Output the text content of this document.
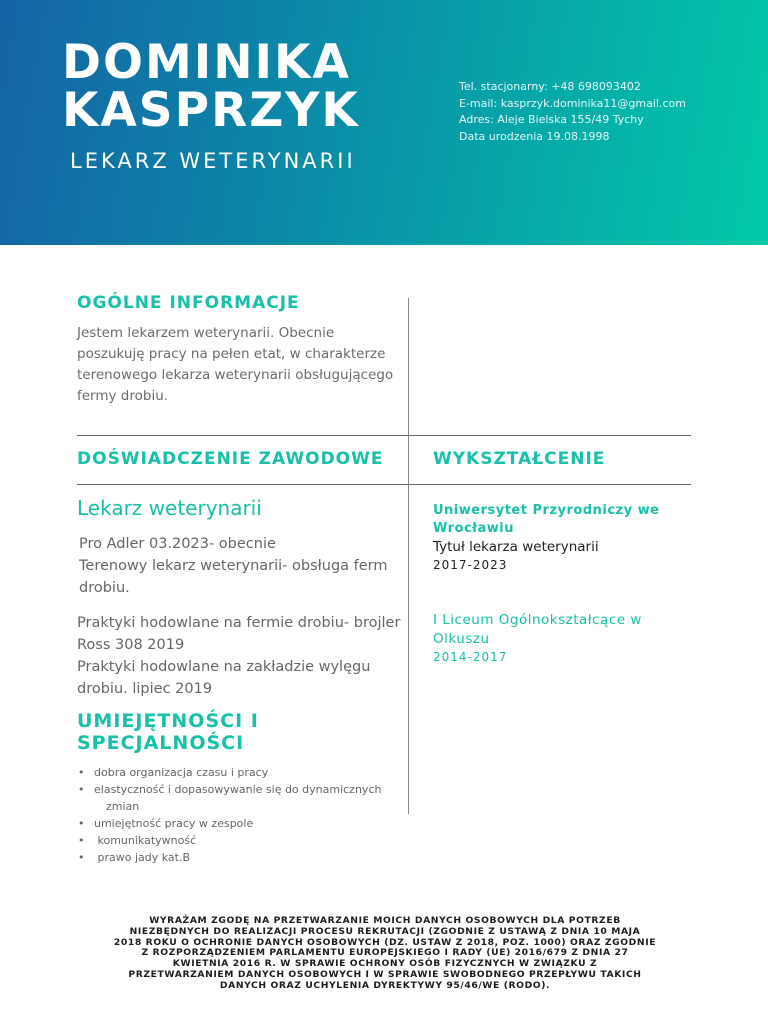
DOMINIKA
KASPRZYK
LEKARZ WETERYNARII
Tel. stacjonarny: +48 698093402
E-mail: kasprzyk.dominika11@gmail.com
Adres: Aleje Bielska 155/49 Tychy
Data urodzenia 19.08.1998
OGÓLNE INFORMACJE
Jestem lekarzem weterynarii. Obecnie
poszukuję pracy na pełen etat, w charakterze
terenowego lekarza weterynarii obsługującego
fermy drobiu.
DOŚWIADCZENIE ZAWODOWE
Lekarz weterynarii
Pro Adler 03.2023- obecnie
Terenowy lekarz weterynarii- obsługa ferm
drobiu.
Praktyki hodowlane na fermie drobiu- brojler
Ross 308 2019
Praktyki hodowlane na zakładzie wylęgu
drobiu. lipiec 2019
UMIEJĘTNOŚCI I
SPECJALNOŚCI
• dobra organizacja czasu i pracy
• elastyczność i dopasowywanie się do dynamicznych
zmian
• umiejętność pracy w zespole
•  komunikatywność
•  prawo jady kat.B
WYKSZTAŁCENIE
Uniwersytet Przyrodniczy we
Wrocławiu
Tytuł lekarza weterynarii
2017-2023
I Liceum Ogólnokształcące w
Olkuszu
2014-2017
WYRAŻAM ZGODĘ NA PRZETWARZANIE MOICH DANYCH OSOBOWYCH DLA POTRZEB
NIEZBĘDNYCH DO REALIZACJI PROCESU REKRUTACJI (ZGODNIE Z USTAWĄ Z DNIA 10 MAJA
2018 ROKU O OCHRONIE DANYCH OSOBOWYCH (DZ. USTAW Z 2018, POZ. 1000) ORAZ ZGODNIE
Z ROZPORZĄDZENIEM PARLAMENTU EUROPEJSKIEGO I RADY (UE) 2016/679 Z DNIA 27
KWIETNIA 2016 R. W SPRAWIE OCHRONY OSÓB FIZYCZNYCH W ZWIĄZKU Z
PRZETWARZANIEM DANYCH OSOBOWYCH I W SPRAWIE SWOBODNEGO PRZEPŁYWU TAKICH
DANYCH ORAZ UCHYLENIA DYREKTYWY 95/46/WE (RODO).
